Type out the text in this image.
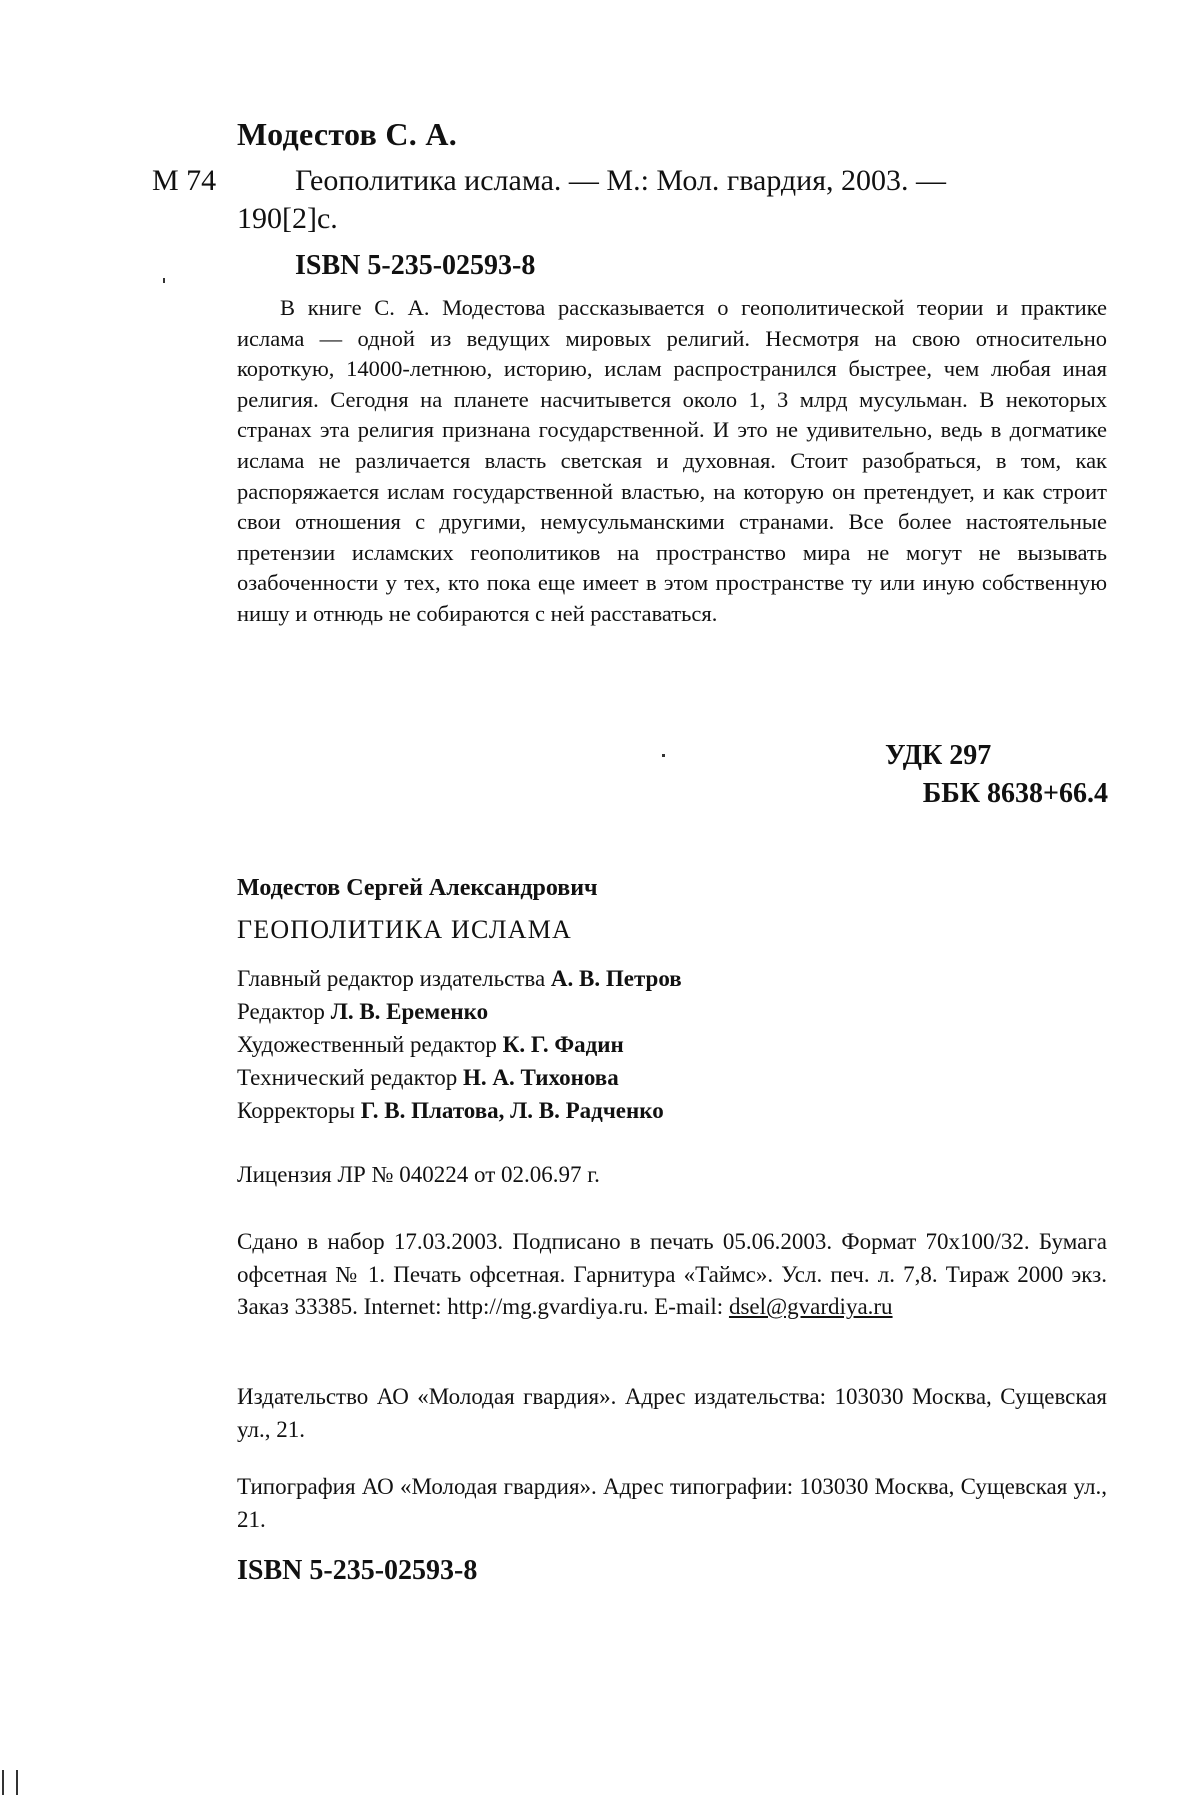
Модестов С. А.
М 74	Геополитика ислама. — М.: Мол. гвардия, 2003. —
190[2]с.
ISBN 5-235-02593-8

В книге С. А. Модестова рассказывается о геополитической теории и практике ислама — одной из ведущих мировых религий. Несмотря на свою относительно короткую, 14000-летнюю, историю, ислам распространился быстрее, чем любая иная религия. Сегодня на планете насчитывется около 1, 3 млрд мусульман. В некоторых странах эта религия признана государственной. И это не удивительно, ведь в догматике ислама не различается власть светская и духовная. Стоит разобраться, в том, как распоряжается ислам государственной властью, на которую он претендует, и как строит свои отношения с другими, немусульманскими странами. Все более настоятельные претензии исламских геополитиков на пространство мира не могут не вызывать озабоченности у тех, кто пока еще имеет в этом пространстве ту или иную собственную нишу и отнюдь не собираются с ней расставаться.

УДК 297
ББК 8638+66.4
Модестов Сергей Александрович
ГЕОПОЛИТИКА ИСЛАМА
Главный редактор издательства А. В. Петров
Редактор Л. В. Еременко
Художественный редактор К. Г. Фадин
Технический редактор Н. А. Тихонова
Корректоры Г. В. Платова, Л. В. Радченко
Лицензия ЛР № 040224 от 02.06.97 г.

Сдано в набор 17.03.2003. Подписано в печать 05.06.2003. Формат 70x100/32. Бумага офсетная № 1. Печать офсетная. Гарнитура «Таймс». Усл. печ. л. 7,8. Тираж 2000 экз. Заказ 33385. Internet: http://mg.gvardiya.ru. E-mail: dsel@gvardiya.ru

Издательство АО «Молодая гвардия». Адрес издательства: 103030 Москва, Сущевская ул., 21.

Типография АО «Молодая гвардия». Адрес типографии: 103030 Москва, Сущевская ул., 21.

ISBN 5-235-02593-8
